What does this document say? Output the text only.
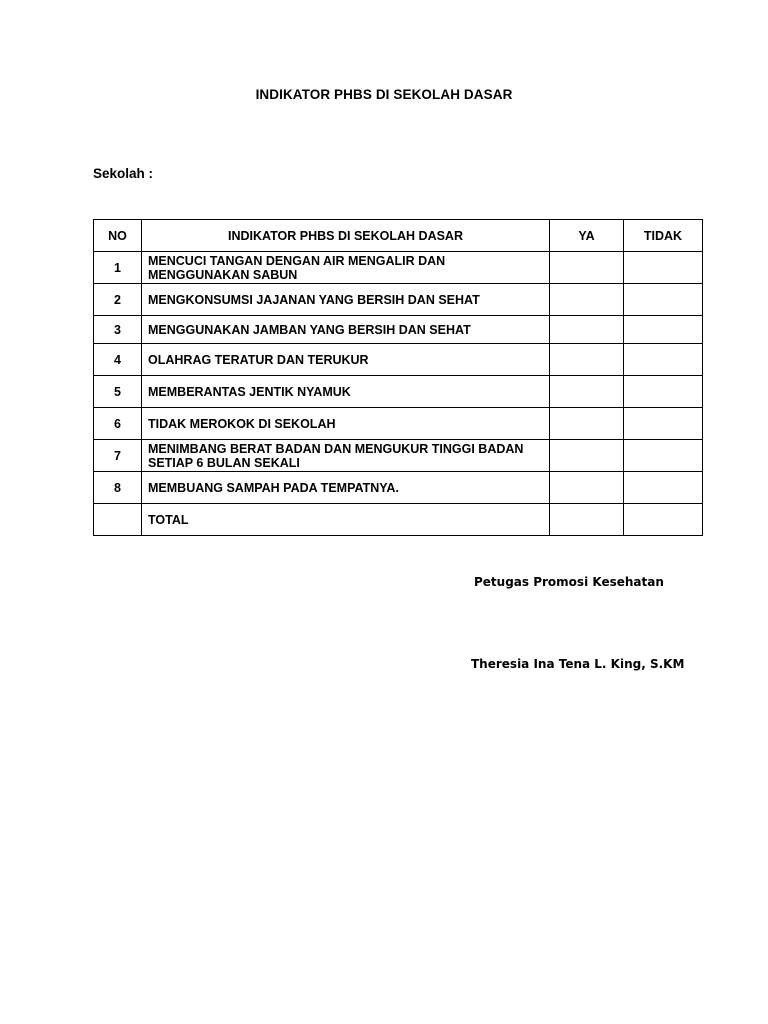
INDIKATOR PHBS DI SEKOLAH DASAR
Sekolah :
NO	INDIKATOR PHBS DI SEKOLAH DASAR	YA	TIDAK
1	MENCUCI TANGAN DENGAN AIR MENGALIR DAN MENGGUNAKAN SABUN		
2	MENGKONSUMSI JAJANAN YANG BERSIH DAN SEHAT		
3	MENGGUNAKAN JAMBAN YANG BERSIH DAN SEHAT		
4	OLAHRAG TERATUR DAN TERUKUR		
5	MEMBERANTAS JENTIK NYAMUK		
6	TIDAK MEROKOK DI SEKOLAH		
7	MENIMBANG BERAT BADAN DAN MENGUKUR TINGGI BADAN SETIAP 6 BULAN SEKALI		
8	MEMBUANG SAMPAH PADA TEMPATNYA.		
	TOTAL		
Petugas Promosi Kesehatan
Theresia Ina Tena L. King, S.KM
